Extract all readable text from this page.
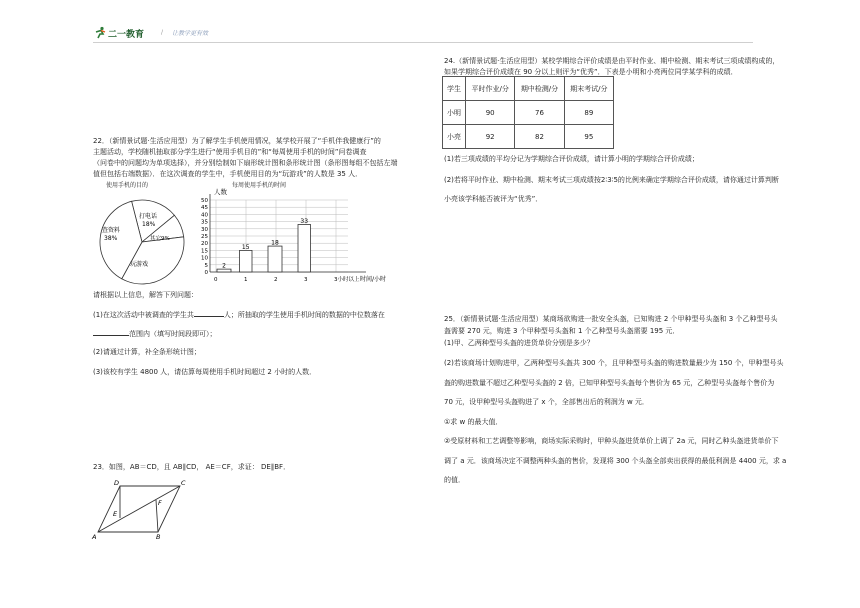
二一教育	/ 让教学更有效
24.（新情景试题·生活应用型）某校学期综合评价成绩是由平时作业、期中检测、期末考试三项成绩构成的，
如果学期综合评价成绩在 90 分以上则评为“优秀”．下表是小明和小亮两位同学某学科的成绩．
学生	平时作业/分	期中检测/分	期末考试/分
小明	90	76	89
小亮	92	82	95
(1)若三项成绩的平均分记为学期综合评价成绩，请计算小明的学期综合评价成绩；
(2)若将平时作业、期中检测、期末考试三项成绩按2∶3∶5的比例来确定学期综合评价成绩，请你通过计算判断
小亮该学科能否被评为“优秀”．
22．（新情景试题·生活应用型）为了解学生手机使用情况，某学校开展了“手机伴我健康行”的
主题活动，学校随机抽取部分学生进行“使用手机目的”和“每周使用手机的时间”问卷调查
（问卷中的问题均为单项选择），并分别绘制如下扇形统计图和条形统计图（条形图每组不包括左端
值但包括右端数据）．在这次调查的学生中，手机使用目的为“玩游戏”的人数是 35 人．
使用手机的目的	每周使用手机的时间
打电话
18%
其它9%
查资料
38%
玩游戏
0
5
10
15
20
25
30
35
40
45
50
0	1	2	3	3小时以上
2
15
18
33
人数
时间/小时
请根据以上信息，解答下列问题：
(1)在这次活动中被调查的学生共	人；所抽取的学生使用手机时间的数据的中位数落在
范围内（填写时间段即可）；
(2)请通过计算，补全条形统计图；
(3)该校有学生 4800 人，请估算每周使用手机时间超过 2 小时的人数．
25．（新情景试题·生活应用型）某商场欲购进一批安全头盔，已知购进 2 个甲种型号头盔和 3 个乙种型号头
盔需要 270 元，购进 3 个甲种型号头盔和 1 个乙种型号头盔需要 195 元．
(1)甲、乙两种型号头盔的进货单价分别是多少？
(2)若该商场计划购进甲，乙两种型号头盔共 300 个，且甲种型号头盔的购进数量最少为 150 个，甲种型号头
盔的购进数量不超过乙种型号头盔的 2 倍，已知甲种型号头盔每个售价为 65 元，乙种型号头盔每个售价为
70 元，设甲种型号头盔购进了 x 个，全部售出后的利润为 w 元．
①求 w 的最大值．
②受原材料和工艺调整等影响，商场实际采购时，甲种头盔进货单价上调了 2a 元，同时乙种头盔进货单价下
调了 a 元．该商场决定不调整两种头盔的售价，发现将 300 个头盔全部卖出获得的最低利润是 4400 元，求 a
的值．
23．如图，AB＝CD，且 AB∥CD， AE＝CF，求证： DE∥BF．
D	C
E
F
A	B
